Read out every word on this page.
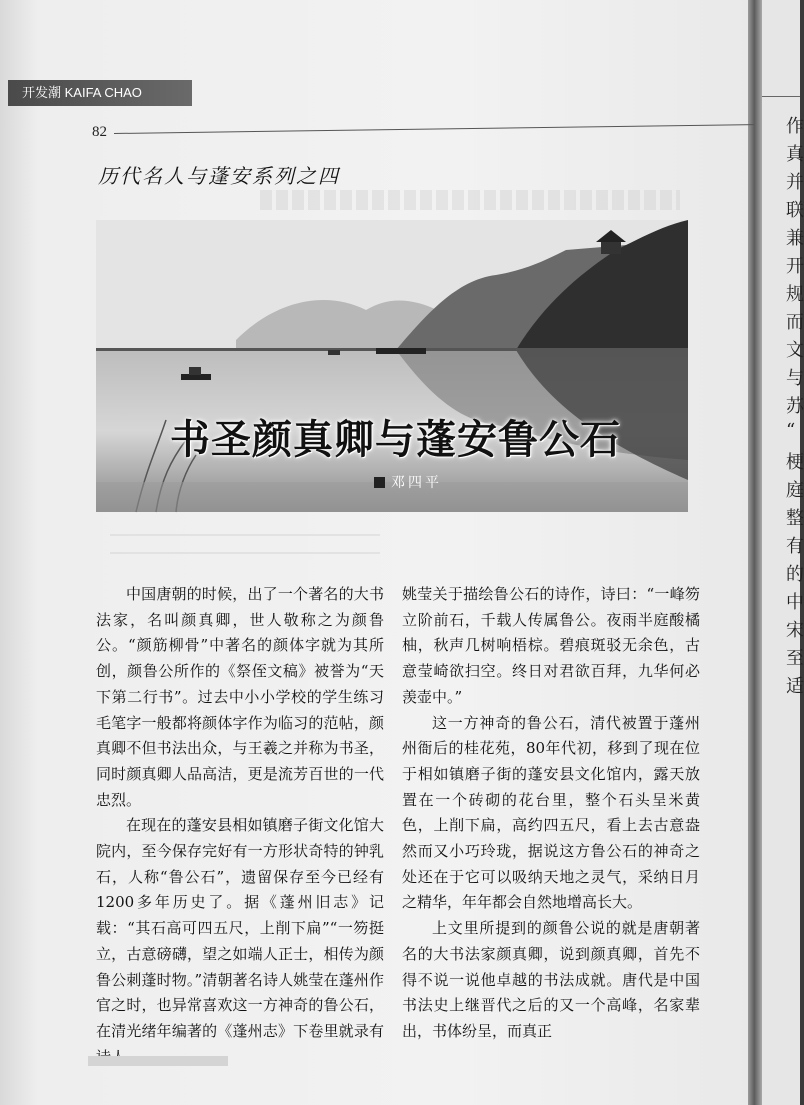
作
真
并
联
兼
开
规
而
文
与
苏
“
梗
庭
整
有
的
中
宋
至
适
开发潮 KAIFA CHAO
82
历代名人与蓬安系列之四
邓四平
书圣颜真卿与蓬安鲁公石

中国唐朝的时候，出了一个著名的大书法家，名叫颜真卿，世人敬称之为颜鲁公。“颜筋柳骨”中著名的颜体字就为其所创，颜鲁公所作的《祭侄文稿》被誉为“天下第二行书”。过去中小小学校的学生练习毛笔字一般都将颜体字作为临习的范帖，颜真卿不但书法出众，与王羲之并称为书圣，同时颜真卿人品高洁，更是流芳百世的一代忠烈。

在现在的蓬安县相如镇磨子街文化馆大院内，至今保存完好有一方形状奇特的钟乳石，人称“鲁公石”，遗留保存至今已经有1200多年历史了。据《蓬州旧志》记载：“其石高可四五尺，上削下扁”“一笏挺立，古意磅礴，望之如端人正士，相传为颜鲁公刺蓬时物。”清朝著名诗人姚莹在蓬州作官之时，也异常喜欢这一方神奇的鲁公石，在清光绪年编著的《蓬州志》下卷里就录有

姚莹关于描绘鲁公石的诗作，诗曰：“一峰笏立阶前石，千载人传属鲁公。夜雨半庭酸橘柚，秋声几树响梧棕。碧痕斑驳无余色，古意莹崎欲扫空。终日对君欲百拜，九华何必羡壶中。”

这一方神奇的鲁公石，清代被置于蓬州州衙后的桂花苑，80年代初，移到了现在位于相如镇磨子街的蓬安县文化馆内，露天放置在一个砖砌的花台里，整个石头呈米黄色，上削下扁，高约四五尺，看上去古意盎然而又小巧玲珑，据说这方鲁公石的神奇之处还在于它可以吸纳天地之灵气，采纳日月之精华，年年都会自然地增高长大。

上文里所提到的颜鲁公说的就是唐朝著名的大书法家颜真卿，说到颜真卿，首先不得不说一说他卓越的书法成就。唐代是中国书法史上继晋代之后的又一个高峰，名家辈出，书体纷呈，而真正
